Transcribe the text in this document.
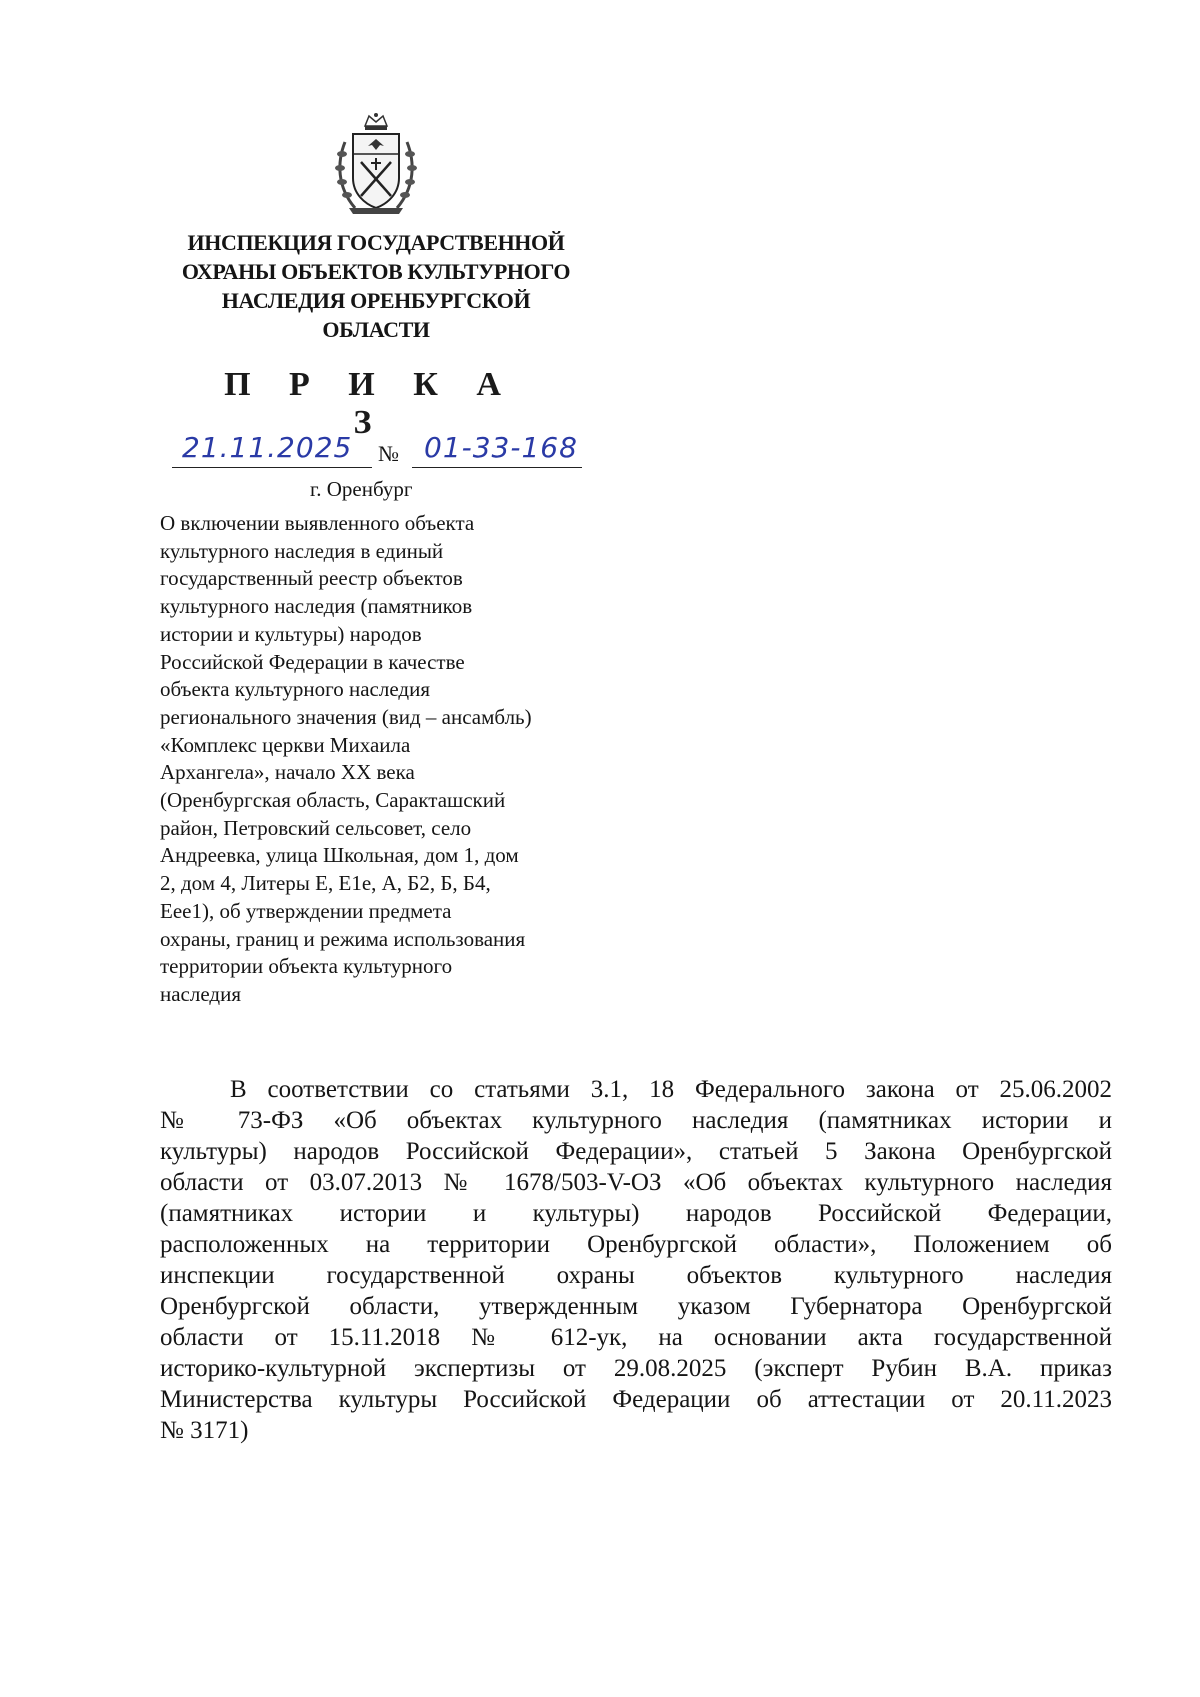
ИНСПЕКЦИЯ ГОСУДАРСТВЕННОЙ
ОХРАНЫ ОБЪЕКТОВ КУЛЬТУРНОГО
НАСЛЕДИЯ ОРЕНБУРГСКОЙ
ОБЛАСТИ
П Р И К А З
21.11.2025 № 01-33-168
г. Оренбург
О включении выявленного объекта
культурного наследия в единый
государственный реестр объектов
культурного наследия (памятников
истории и культуры) народов
Российской Федерации в качестве
объекта культурного наследия
регионального значения (вид – ансамбль)
«Комплекс церкви Михаила
Архангела», начало XX века
(Оренбургская область, Саракташский
район, Петровский сельсовет, село
Андреевка, улица Школьная, дом 1, дом
2, дом 4, Литеры Е, Е1е, А, Б2, Б, Б4,
Еее1), об утверждении предмета
охраны, границ и режима использования
территории объекта культурного
наследия
В соответствии со статьями 3.1, 18 Федерального закона от 25.06.2002
№ 73-ФЗ «Об объектах культурного наследия (памятниках истории и
культуры) народов Российской Федерации», статьей 5 Закона Оренбургской
области от 03.07.2013 № 1678/503-V-ОЗ «Об объектах культурного наследия
(памятниках истории и культуры) народов Российской Федерации,
расположенных на территории Оренбургской области», Положением об
инспекции государственной охраны объектов культурного наследия
Оренбургской области, утвержденным указом Губернатора Оренбургской
области от 15.11.2018 № 612-ук, на основании акта государственной
историко-культурной экспертизы от 29.08.2025 (эксперт Рубин В.А. приказ
Министерства культуры Российской Федерации об аттестации от 20.11.2023
№ 3171)
